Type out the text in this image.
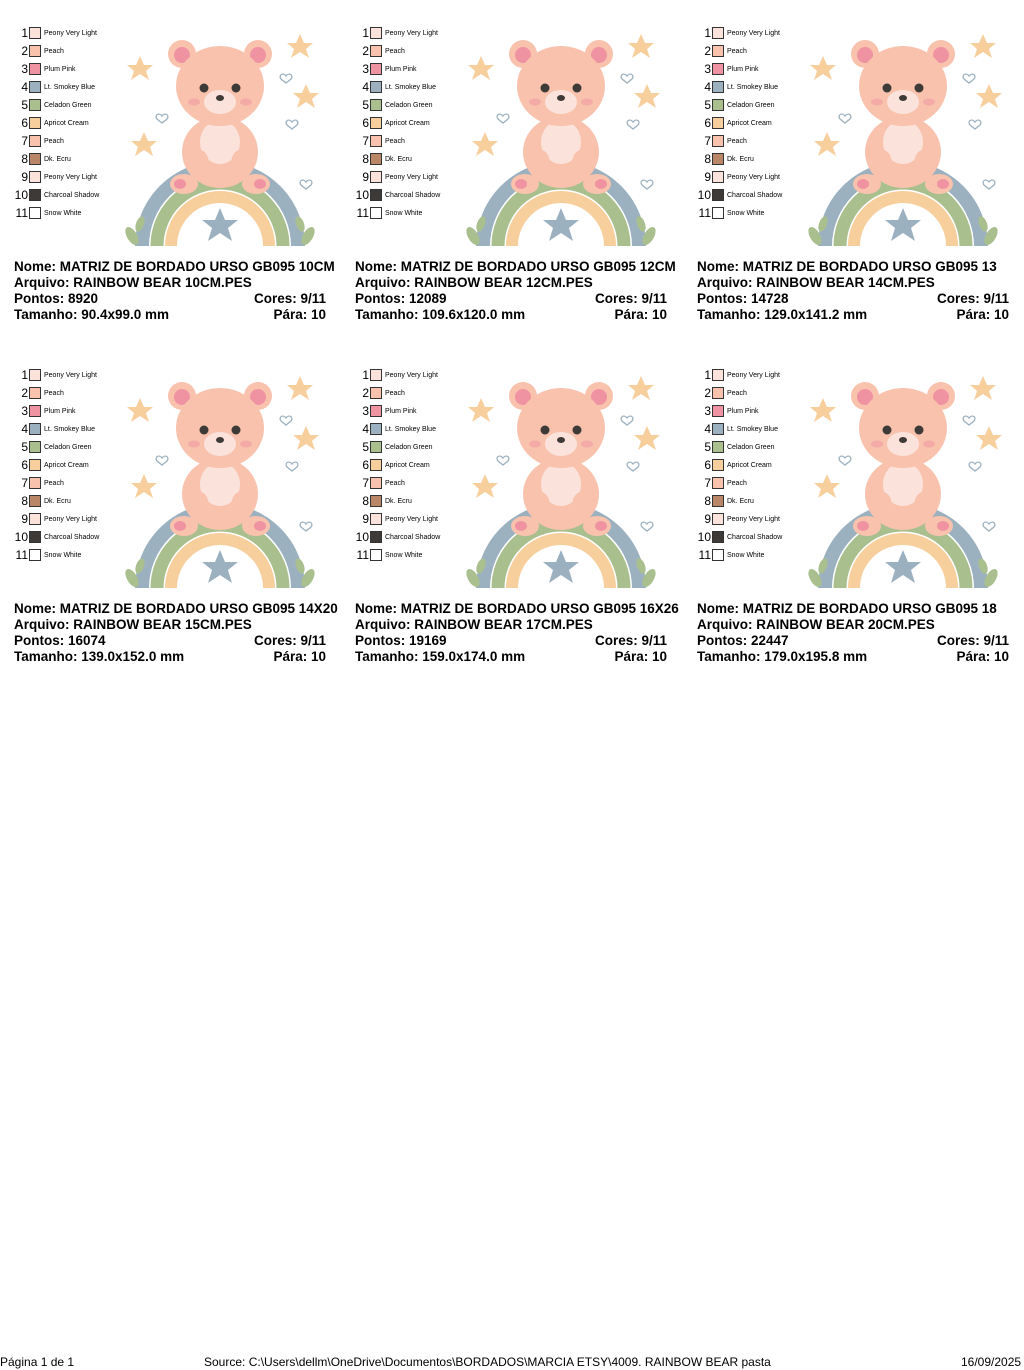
1 Peony Very Light
2 Peach
3 Plum Pink
4 Lt. Smokey Blue
5 Celadon Green
6 Apricot Cream
7 Peach
8 Dk. Ecru
9 Peony Very Light
10 Charcoal Shadow
11 Snow White
Nome: MATRIZ DE BORDADO URSO GB095 10CM
Arquivo: RAINBOW BEAR 10CM.PES
Pontos: 8920	Cores: 9/11
Tamanho: 90.4x99.0 mm	Pára: 10
1 Peony Very Light
2 Peach
3 Plum Pink
4 Lt. Smokey Blue
5 Celadon Green
6 Apricot Cream
7 Peach
8 Dk. Ecru
9 Peony Very Light
10 Charcoal Shadow
11 Snow White
Nome: MATRIZ DE BORDADO URSO GB095 12CM
Arquivo: RAINBOW BEAR 12CM.PES
Pontos: 12089	Cores: 9/11
Tamanho: 109.6x120.0 mm	Pára: 10
1 Peony Very Light
2 Peach
3 Plum Pink
4 Lt. Smokey Blue
5 Celadon Green
6 Apricot Cream
7 Peach
8 Dk. Ecru
9 Peony Very Light
10 Charcoal Shadow
11 Snow White
Nome: MATRIZ DE BORDADO URSO GB095 13
Arquivo: RAINBOW BEAR 14CM.PES
Pontos: 14728	Cores: 9/11
Tamanho: 129.0x141.2 mm	Pára: 10
1 Peony Very Light
2 Peach
3 Plum Pink
4 Lt. Smokey Blue
5 Celadon Green
6 Apricot Cream
7 Peach
8 Dk. Ecru
9 Peony Very Light
10 Charcoal Shadow
11 Snow White
Nome: MATRIZ DE BORDADO URSO GB095 14X20
Arquivo: RAINBOW BEAR 15CM.PES
Pontos: 16074	Cores: 9/11
Tamanho: 139.0x152.0 mm	Pára: 10
1 Peony Very Light
2 Peach
3 Plum Pink
4 Lt. Smokey Blue
5 Celadon Green
6 Apricot Cream
7 Peach
8 Dk. Ecru
9 Peony Very Light
10 Charcoal Shadow
11 Snow White
Nome: MATRIZ DE BORDADO URSO GB095 16X26
Arquivo: RAINBOW BEAR 17CM.PES
Pontos: 19169	Cores: 9/11
Tamanho: 159.0x174.0 mm	Pára: 10
1 Peony Very Light
2 Peach
3 Plum Pink
4 Lt. Smokey Blue
5 Celadon Green
6 Apricot Cream
7 Peach
8 Dk. Ecru
9 Peony Very Light
10 Charcoal Shadow
11 Snow White
Nome: MATRIZ DE BORDADO URSO GB095 18
Arquivo: RAINBOW BEAR 20CM.PES
Pontos: 22447	Cores: 9/11
Tamanho: 179.0x195.8 mm	Pára: 10
Página 1 de 1	Source: C:\Users\dellm\OneDrive\Documentos\BORDADOS\MARCIA ETSY\4009. RAINBOW BEAR pasta	16/09/2025
